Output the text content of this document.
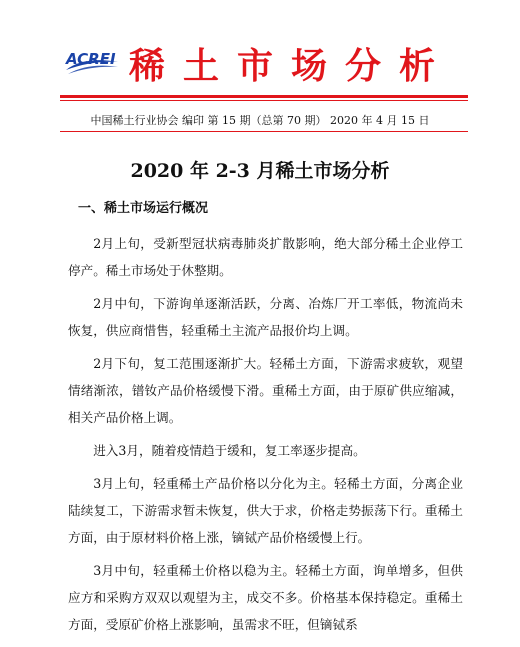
ACREI 稀土市场分析
中国稀土行业协会 编印 第 15 期（总第 70 期） 2020 年 4 月 15 日
2020 年 2-3 月稀土市场分析
一、稀土市场运行概况

2月上旬，受新型冠状病毒肺炎扩散影响，绝大部分稀土企业停工停产。稀土市场处于休整期。

2月中旬，下游询单逐渐活跃，分离、冶炼厂开工率低，物流尚未恢复，供应商惜售，轻重稀土主流产品报价均上调。

2月下旬，复工范围逐渐扩大。轻稀土方面，下游需求疲软，观望情绪渐浓，镨钕产品价格缓慢下滑。重稀土方面，由于原矿供应缩减，相关产品价格上调。

进入3月，随着疫情趋于缓和，复工率逐步提高。

3月上旬，轻重稀土产品价格以分化为主。轻稀土方面，分离企业陆续复工，下游需求暂未恢复，供大于求，价格走势振荡下行。重稀土方面，由于原材料价格上涨，镝铽产品价格缓慢上行。

3月中旬，轻重稀土价格以稳为主。轻稀土方面，询单增多，但供应方和采购方双双以观望为主，成交不多。价格基本保持稳定。重稀土方面，受原矿价格上涨影响，虽需求不旺，但镝铽系
